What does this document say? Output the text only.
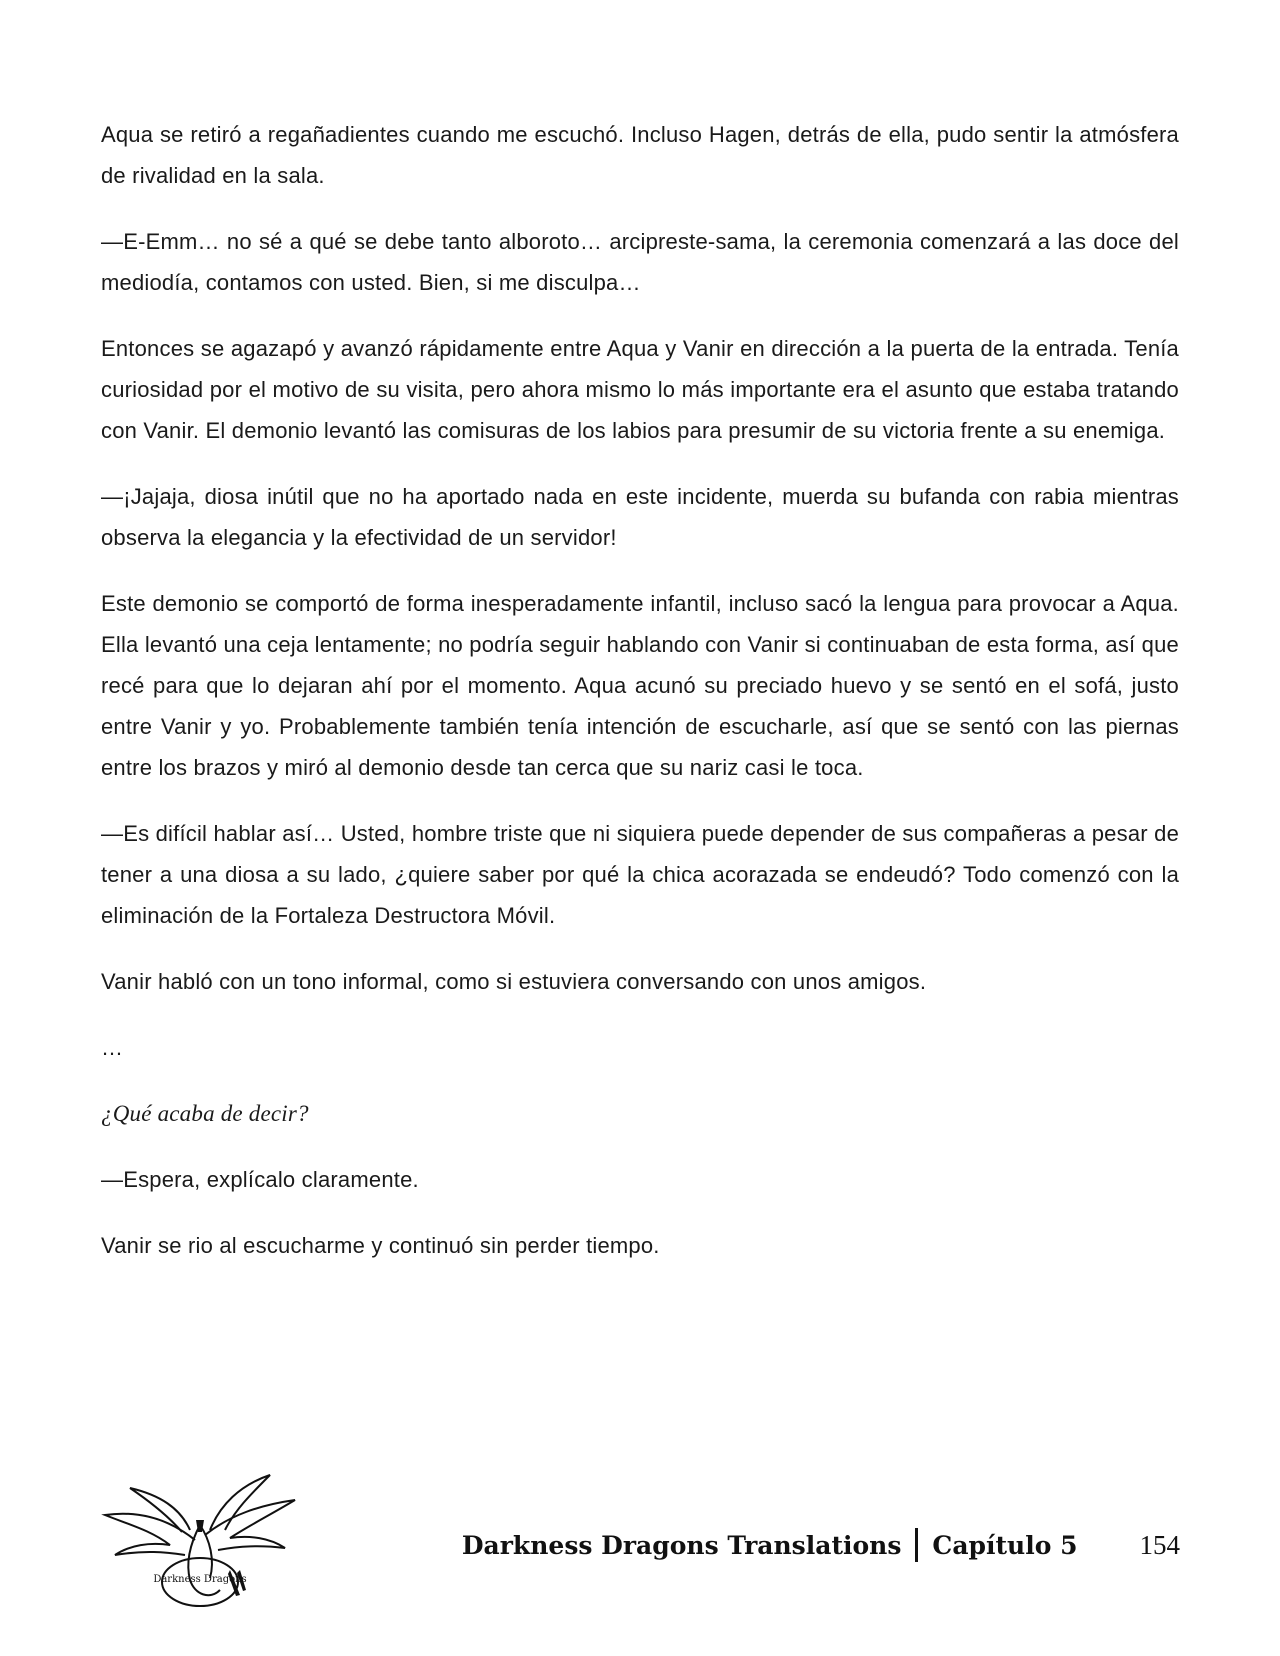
Aqua se retiró a regañadientes cuando me escuchó. Incluso Hagen, detrás de ella, pudo sentir la atmósfera de rivalidad en la sala.

—E-Emm… no sé a qué se debe tanto alboroto… arcipreste-sama, la ceremonia comenzará a las doce del mediodía, contamos con usted. Bien, si me disculpa…

Entonces se agazapó y avanzó rápidamente entre Aqua y Vanir en dirección a la puerta de la entrada. Tenía curiosidad por el motivo de su visita, pero ahora mismo lo más importante era el asunto que estaba tratando con Vanir. El demonio levantó las comisuras de los labios para presumir de su victoria frente a su enemiga.

—¡Jajaja, diosa inútil que no ha aportado nada en este incidente, muerda su bufanda con rabia mientras observa la elegancia y la efectividad de un servidor!

Este demonio se comportó de forma inesperadamente infantil, incluso sacó la lengua para provocar a Aqua. Ella levantó una ceja lentamente; no podría seguir hablando con Vanir si continuaban de esta forma, así que recé para que lo dejaran ahí por el momento. Aqua acunó su preciado huevo y se sentó en el sofá, justo entre Vanir y yo. Probablemente también tenía intención de escucharle, así que se sentó con las piernas entre los brazos y miró al demonio desde tan cerca que su nariz casi le toca.

—Es difícil hablar así… Usted, hombre triste que ni siquiera puede depender de sus compañeras a pesar de tener a una diosa a su lado, ¿quiere saber por qué la chica acorazada se endeudó? Todo comenzó con la eliminación de la Fortaleza Destructora Móvil.

Vanir habló con un tono informal, como si estuviera conversando con unos amigos.

…

¿Qué acaba de decir?

—Espera, explícalo claramente.

Vanir se rio al escucharme y continuó sin perder tiempo.

Darkness Dragons
Darkness Dragons Translations Capítulo 5 154
